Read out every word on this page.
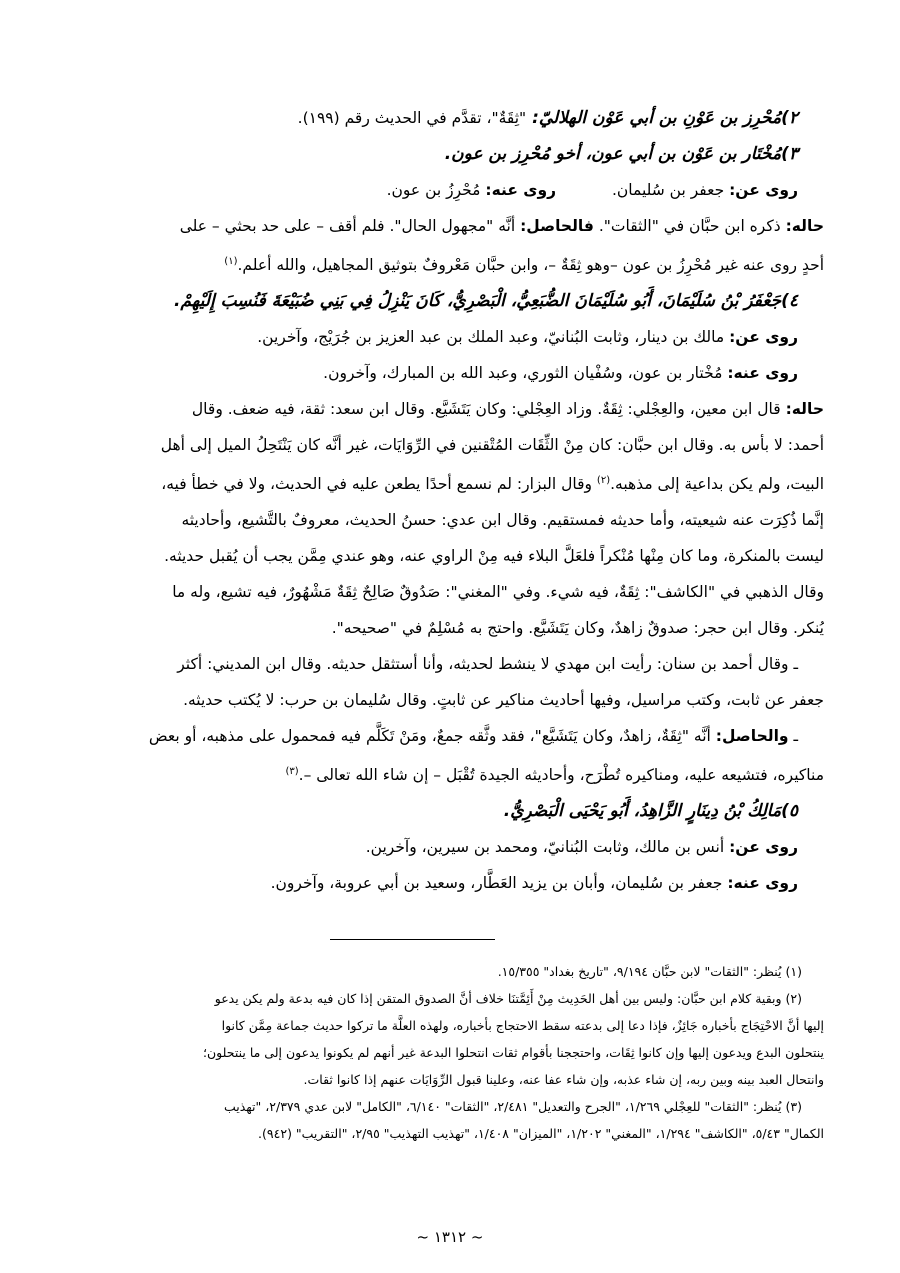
٢)مُحْرِز بن عَوْنِ بن أبي عَوْن الهلاليّ: "ثِقَةٌ"، تقدَّم في الحديث رقم (١٩٩).
٣)مُخْتَار بن عَوْن بن أبي عون، أخو مُحْرِز بن عون.
روى عن: جعفر بن سُليمان.  روى عنه: مُحْرِزُ بن عون.
حاله: ذكره ابن حبَّان في "الثقات". فالحاصل: أنَّه "مجهول الحال". فلم أقف – على حد بحثي – على
أحدٍ روى عنه غير مُحْرِزُ بن عون –وهو ثِقَةٌ –، وابن حبَّان مَعْروفٌ بتوثيق المجاهيل، والله أعلم.$^{(١)}$
٤)جَعْفَرُ بْنُ سُلَيْمَانَ، أَبُو سُلَيْمَانَ الضُّبَعِيُّ، الْبَصْرِيُّ، كَانَ يَنْزِلُ فِي بَنِي ضُبَيْعَةَ فَنُسِبَ إِلَيْهِمْ.
روى عن: مالك بن دينار، وثابت البُنانيّ، وعبد الملك بن عبد العزيز بن جُرَيْج، وآخرين.
روى عنه: مُخْتار بن عون، وسُفْيان الثوري، وعبد الله بن المبارك، وآخرون.
حاله: قال ابن معين، والعِجْلي: ثِقَةٌ. وزاد العِجْلي: وكان يَتَشَيَّع. وقال ابن سعد: ثقة، فيه ضعف. وقال
أحمد: لا بأس به. وقال ابن حبَّان: كان مِنْ الثِّقَات المُتْقنين في الرِّوَايَات، غير أنَّه كان يَنْتَحِلُ الميل إلى أهل
البيت، ولم يكن بداعية إلى مذهبه.$^{(٢)}$ وقال البزار: لم نسمع أحدًا يطعن عليه في الحديث، ولا في خطأ فيه،
إنَّما ذُكِرَت عنه شيعيته، وأما حديثه فمستقيم. وقال ابن عدي: حسنُ الحديث، معروفٌ بالتَّشيع، وأحاديثه
ليست بالمنكرة، وما كان مِنْها مُنْكراً فلعَلَّ البلاء فيه مِنْ الراوي عنه، وهو عندي مِمَّن يجب أن يُقبل حديثه.
وقال الذهبي في "الكاشف": ثِقَةٌ، فيه شيء. وفي "المغني": صَدُوقٌ صَالِحٌ ثِقَةٌ مَشْهُورٌ، فيه تشيع، وله ما
يُنكر. وقال ابن حجر: صدوقٌ زاهدٌ، وكان يَتَشَيَّع. واحتج به مُسْلِمٌ في "صحيحه".
ـ وقال أحمد بن سنان: رأيت ابن مهدي لا ينشط لحديثه، وأنا أستثقل حديثه. وقال ابن المديني: أكثر
جعفر عن ثابت، وكتب مراسيل، وفيها أحاديث مناكير عن ثابتٍ. وقال سُليمان بن حرب: لا يُكتب حديثه.
ـ والحاصل: أنَّه "ثِقَةٌ، زاهدٌ، وكان يَتَشَيَّع"، فقد وثَّقه جمعٌ، ومَنْ تَكَلَّم فيه فمحمول على مذهبه، أو بعض
مناكيره، فتشيعه عليه، ومناكيره تُطْرَح، وأحاديثه الجيدة تُقْبَل – إن شاء الله تعالى –.$^{(٣)}$
٥)مَالِكُ بْنُ دِينَارٍ الزَّاهِدُ، أَبُو يَحْيَى الْبَصْرِيُّ.
روى عن: أنس بن مالك، وثابت البُنانيّ، ومحمد بن سيرين، وآخرين.
روى عنه: جعفر بن سُليمان، وأبان بن يزيد العَطَّار، وسعيد بن أبي عروبة، وآخرون.

(١) يُنظر: "الثقات" لابن حبَّان ٩/١٩٤، "تاريخ بغداد" ١٥/٣٥٥.

(٢) وبقية كلام ابن حبَّان: وليس بين أهل الحَدِيث مِنْ أَئِمَّتنَا خلاف أنَّ الصدوق المتقن إذا كان فيه بدعة ولم يكن يدعو

إليها أنَّ الاحْتِجَاج بأخباره جَائِزٌ، فإذا دعا إلى بدعته سقط الاحتجاج بأخباره، ولهذه العلَّة ما تركوا حديث جماعة مِمَّن كانوا

ينتحلون البدع ويدعون إليها وإن كانوا ثِقَات، واحتججنا بأقوام ثقات انتحلوا البدعة غير أنهم لم يكونوا يدعون إلى ما ينتحلون؛

وانتحال العبد بينه وبين ربه، إن شاء عذبه، وإن شاء عفا عنه، وعلينا قبول الرِّوَايَات عنهم إذا كانوا ثقات.

(٣) يُنظر: "الثقات" للعِجْلي ١/٢٦٩، "الجرح والتعديل" ٢/٤٨١، "الثقات" ٦/١٤٠، "الكامل" لابن عدي ٢/٣٧٩، "تهذيب

الكمال" ٥/٤٣، "الكاشف" ١/٢٩٤، "المغني" ١/٢٠٢، "الميزان" ١/٤٠٨، "تهذيب التهذيب" ٢/٩٥، "التقريب" (٩٤٢).

~ ١٣١٢ ~
